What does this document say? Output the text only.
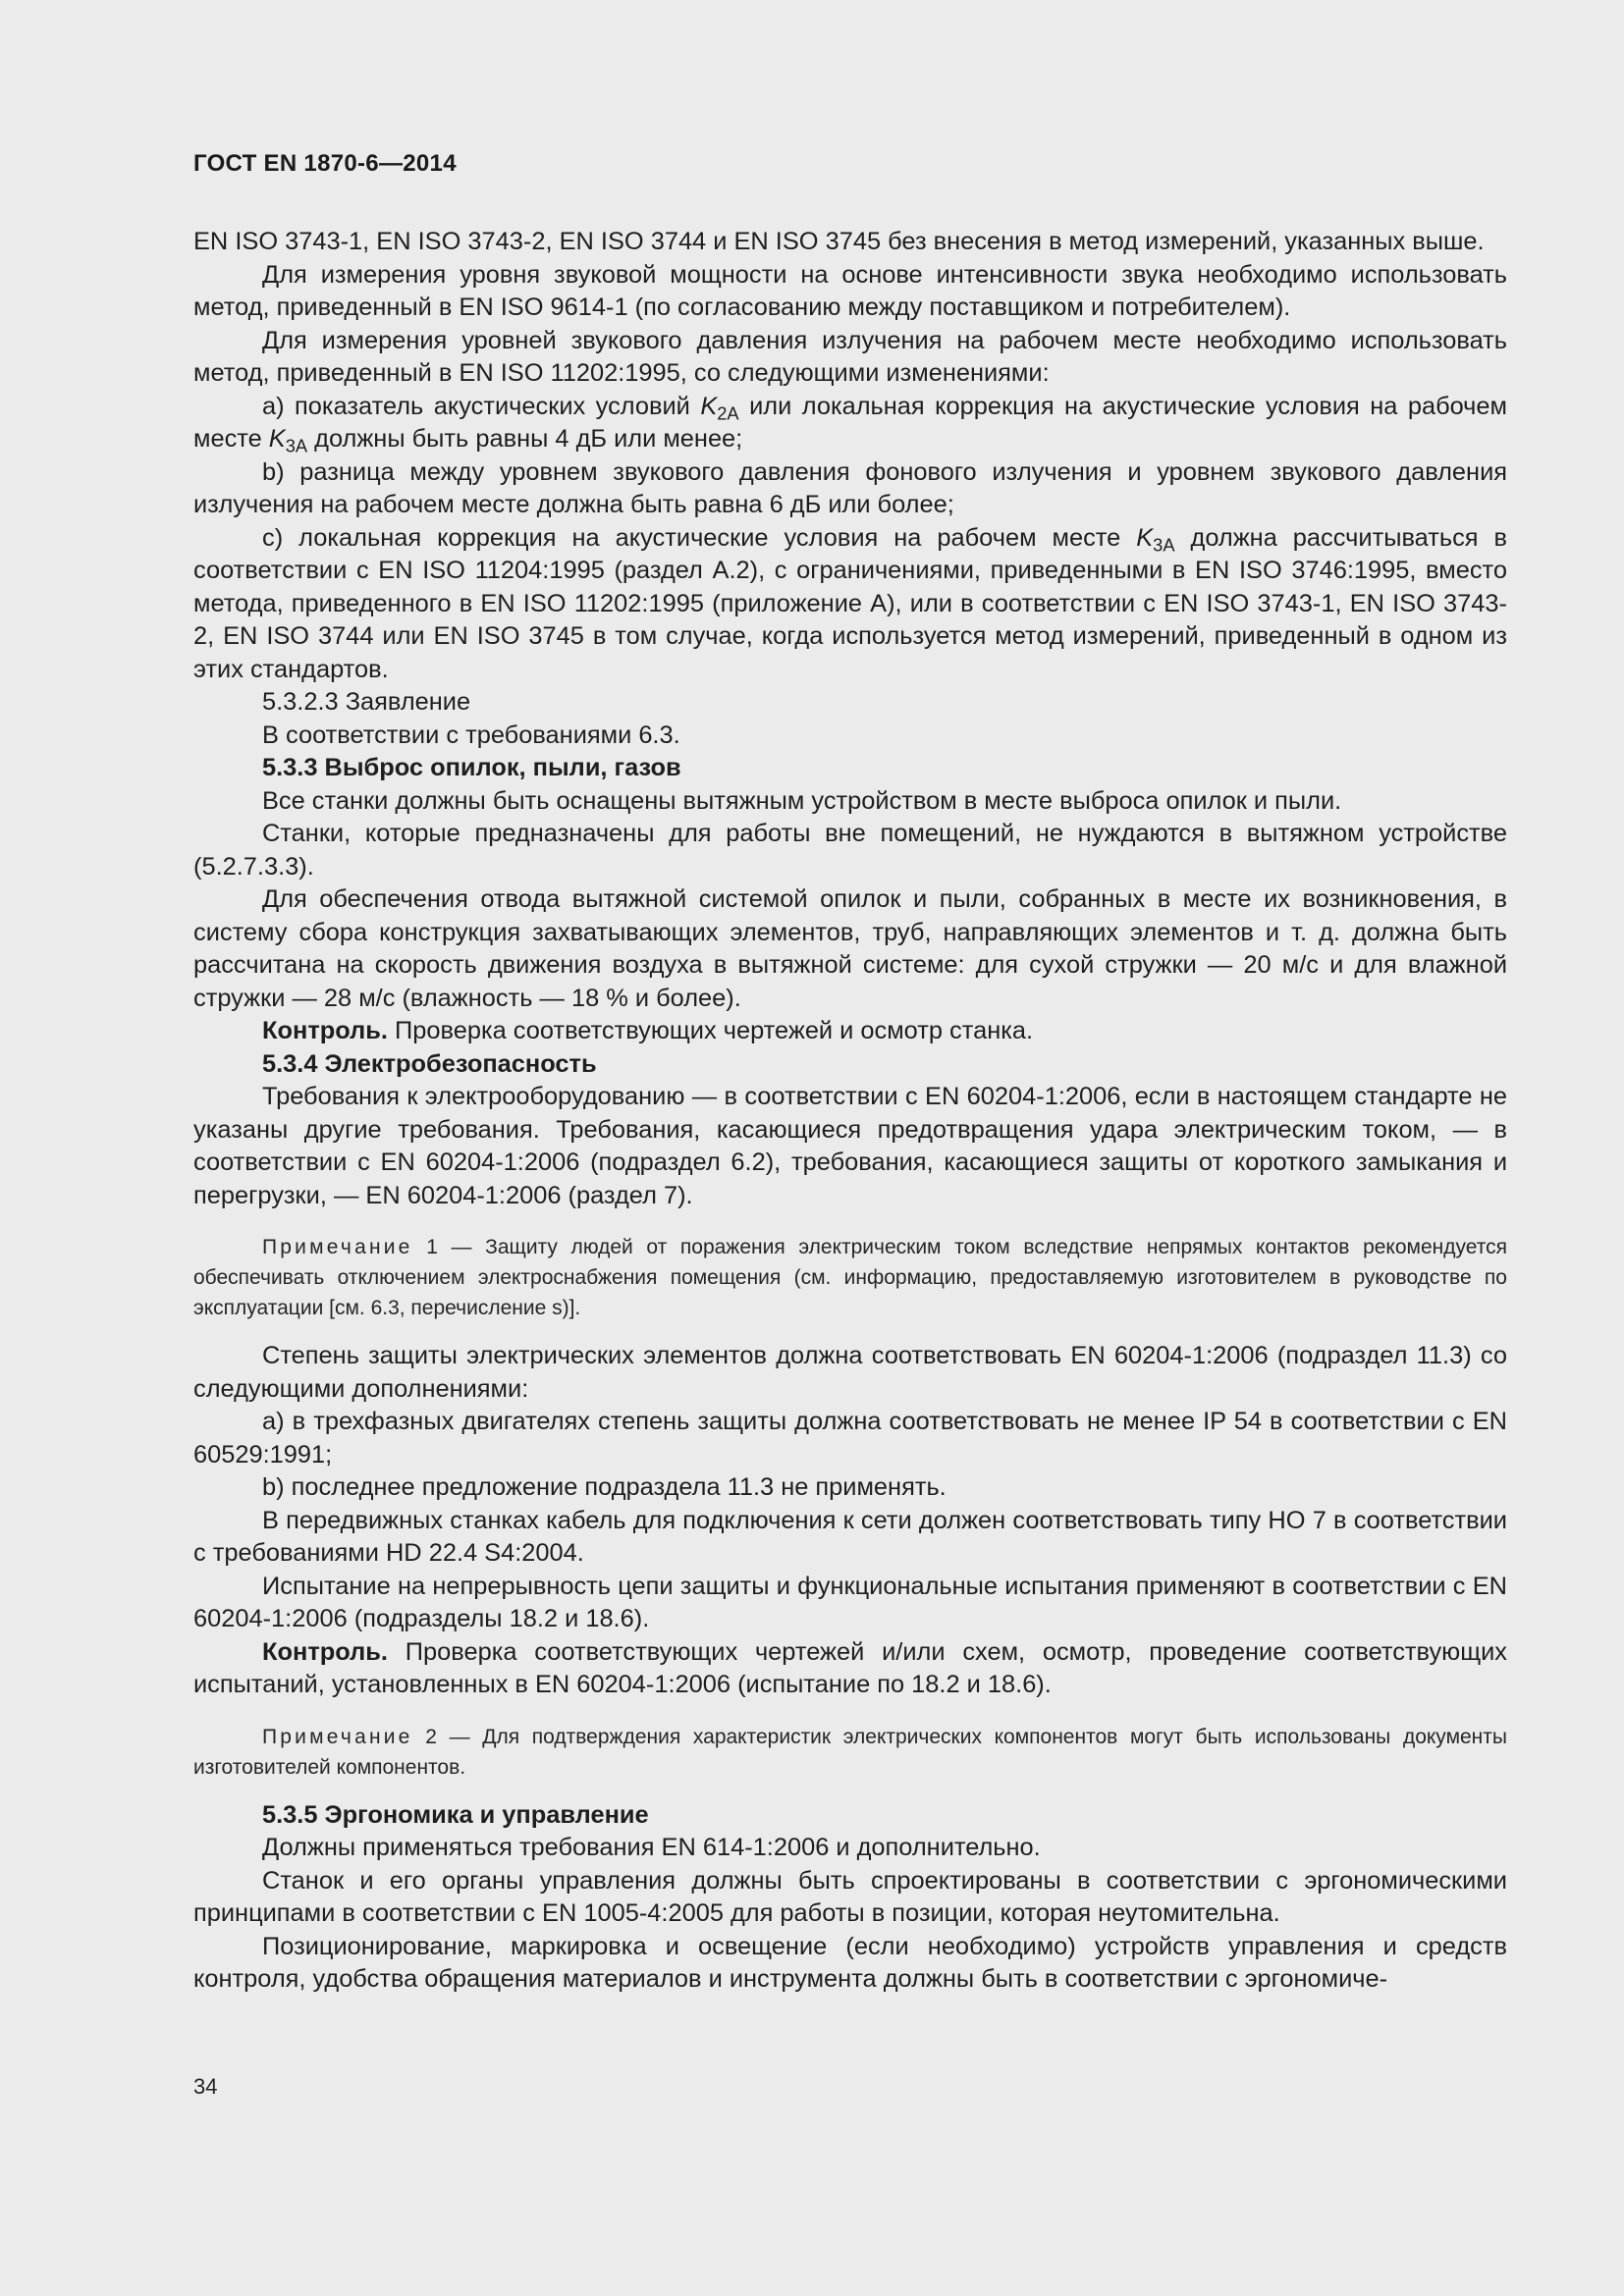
ГОСТ EN 1870-6—2014

EN ISO 3743-1, EN ISO 3743-2, EN ISO 3744 и EN ISO 3745 без внесения в метод измерений, указанных выше.

Для измерения уровня звуковой мощности на основе интенсивности звука необходимо использовать метод, приведенный в EN ISO 9614-1 (по согласованию между поставщиком и потребителем).

Для измерения уровней звукового давления излучения на рабочем месте необходимо использовать метод, приведенный в EN ISO 11202:1995, со следующими изменениями:

a) показатель акустических условий $K_{2A}$ или локальная коррекция на акустические условия на рабочем месте $K_{3A}$ должны быть равны 4 дБ или менее;

b) разница между уровнем звукового давления фонового излучения и уровнем звукового давления излучения на рабочем месте должна быть равна 6 дБ или более;

c) локальная коррекция на акустические условия на рабочем месте $K_{3A}$ должна рассчитываться в соответствии с EN ISO 11204:1995 (раздел А.2), с ограничениями, приведенными в EN ISO 3746:1995, вместо метода, приведенного в EN ISO 11202:1995 (приложение А), или в соответствии с EN ISO 3743-1, EN ISO 3743-2, EN ISO 3744 или EN ISO 3745 в том случае, когда используется метод измерений, приведенный в одном из этих стандартов.

5.3.2.3 Заявление

В соответствии с требованиями 6.3.

5.3.3 Выброс опилок, пыли, газов

Все станки должны быть оснащены вытяжным устройством в месте выброса опилок и пыли.

Станки, которые предназначены для работы вне помещений, не нуждаются в вытяжном устройстве (5.2.7.3.3).

Для обеспечения отвода вытяжной системой опилок и пыли, собранных в месте их возникновения, в систему сбора конструкция захватывающих элементов, труб, направляющих элементов и т. д. должна быть рассчитана на скорость движения воздуха в вытяжной системе: для сухой стружки — 20 м/с и для влажной стружки — 28 м/с (влажность — 18 % и более).

Контроль. Проверка соответствующих чертежей и осмотр станка.

5.3.4 Электробезопасность

Требования к электрооборудованию — в соответствии с EN 60204-1:2006, если в настоящем стандарте не указаны другие требования. Требования, касающиеся предотвращения удара электрическим током, — в соответствии с EN 60204-1:2006 (подраздел 6.2), требования, касающиеся защиты от короткого замыкания и перегрузки, — EN 60204-1:2006 (раздел 7).

Примечание 1 — Защиту людей от поражения электрическим током вследствие непрямых контактов рекомендуется обеспечивать отключением электроснабжения помещения (см. информацию, предоставляемую изготовителем в руководстве по эксплуатации [см. 6.3, перечисление s)].

Степень защиты электрических элементов должна соответствовать EN 60204-1:2006 (подраздел 11.3) со следующими дополнениями:

a) в трехфазных двигателях степень защиты должна соответствовать не менее IP 54 в соответствии с EN 60529:1991;

b) последнее предложение подраздела 11.3 не применять.

В передвижных станках кабель для подключения к сети должен соответствовать типу НО 7 в соответствии с требованиями HD 22.4 S4:2004.

Испытание на непрерывность цепи защиты и функциональные испытания применяют в соответствии с EN 60204-1:2006 (подразделы 18.2 и 18.6).

Контроль. Проверка соответствующих чертежей и/или схем, осмотр, проведение соответствующих испытаний, установленных в EN 60204-1:2006 (испытание по 18.2 и 18.6).

Примечание 2 — Для подтверждения характеристик электрических компонентов могут быть использованы документы изготовителей компонентов.

5.3.5 Эргономика и управление

Должны применяться требования EN 614-1:2006 и дополнительно.

Станок и его органы управления должны быть спроектированы в соответствии с эргономическими принципами в соответствии с EN 1005-4:2005 для работы в позиции, которая неутомительна.

Позиционирование, маркировка и освещение (если необходимо) устройств управления и средств контроля, удобства обращения материалов и инструмента должны быть в соответствии с эргономиче-

34
